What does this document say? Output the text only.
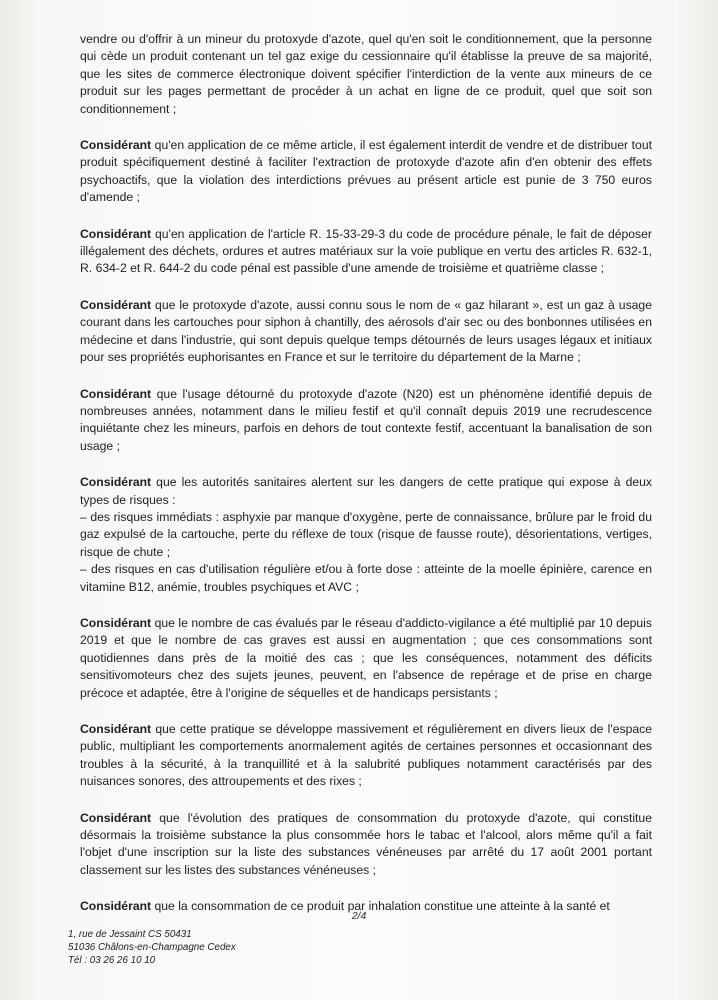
vendre ou d'offrir à un mineur du protoxyde d'azote, quel qu'en soit le conditionnement, que la personne qui cède un produit contenant un tel gaz exige du cessionnaire qu'il établisse la preuve de sa majorité, que les sites de commerce électronique doivent spécifier l'interdiction de la vente aux mineurs de ce produit sur les pages permettant de procéder à un achat en ligne de ce produit, quel que soit son conditionnement ;

Considérant qu'en application de ce même article, il est également interdit de vendre et de distribuer tout produit spécifiquement destiné à faciliter l'extraction de protoxyde d'azote afin d'en obtenir des effets psychoactifs, que la violation des interdictions prévues au présent article est punie de 3 750 euros d'amende ;

Considérant qu'en application de l'article R. 15-33-29-3 du code de procédure pénale, le fait de déposer illégalement des déchets, ordures et autres matériaux sur la voie publique en vertu des articles R. 632-1, R. 634-2 et R. 644-2 du code pénal est passible d'une amende de troisième et quatrième classe ;

Considérant que le protoxyde d'azote, aussi connu sous le nom de « gaz hilarant », est un gaz à usage courant dans les cartouches pour siphon à chantilly, des aérosols d'air sec ou des bonbonnes utilisées en médecine et dans l'industrie, qui sont depuis quelque temps détournés de leurs usages légaux et initiaux pour ses propriétés euphorisantes en France et sur le territoire du département de la Marne ;

Considérant que l'usage détourné du protoxyde d'azote (N20) est un phénomène identifié depuis de nombreuses années, notamment dans le milieu festif et qu'il connaît depuis 2019 une recrudescence inquiétante chez les mineurs, parfois en dehors de tout contexte festif, accentuant la banalisation de son usage ;

Considérant que les autorités sanitaires alertent sur les dangers de cette pratique qui expose à deux types de risques :
– des risques immédiats : asphyxie par manque d'oxygène, perte de connaissance, brûlure par le froid du gaz expulsé de la cartouche, perte du réflexe de toux (risque de fausse route), désorientations, vertiges, risque de chute ;
– des risques en cas d'utilisation régulière et/ou à forte dose : atteinte de la moelle épinière, carence en vitamine B12, anémie, troubles psychiques et AVC ;

Considérant que le nombre de cas évalués par le réseau d'addicto-vigilance a été multiplié par 10 depuis 2019 et que le nombre de cas graves est aussi en augmentation ; que ces consommations sont quotidiennes dans près de la moitié des cas ; que les conséquences, notamment des déficits sensitivomoteurs chez des sujets jeunes, peuvent, en l'absence de repérage et de prise en charge précoce et adaptée, être à l'origine de séquelles et de handicaps persistants ;

Considérant que cette pratique se développe massivement et régulièrement en divers lieux de l'espace public, multipliant les comportements anormalement agités de certaines personnes et occasionnant des troubles à la sécurité, à la tranquillité et à la salubrité publiques notamment caractérisés par des nuisances sonores, des attroupements et des rixes ;

Considérant que l'évolution des pratiques de consommation du protoxyde d'azote, qui constitue désormais la troisième substance la plus consommée hors le tabac et l'alcool, alors même qu'il a fait l'objet d'une inscription sur la liste des substances vénéneuses par arrêté du 17 août 2001 portant classement sur les listes des substances vénéneuses ;

Considérant que la consommation de ce produit par inhalation constitue une atteinte à la santé et

2/4
1, rue de Jessaint CS 50431
51036 Châlons-en-Champagne Cedex
Tél : 03 26 26 10 10
